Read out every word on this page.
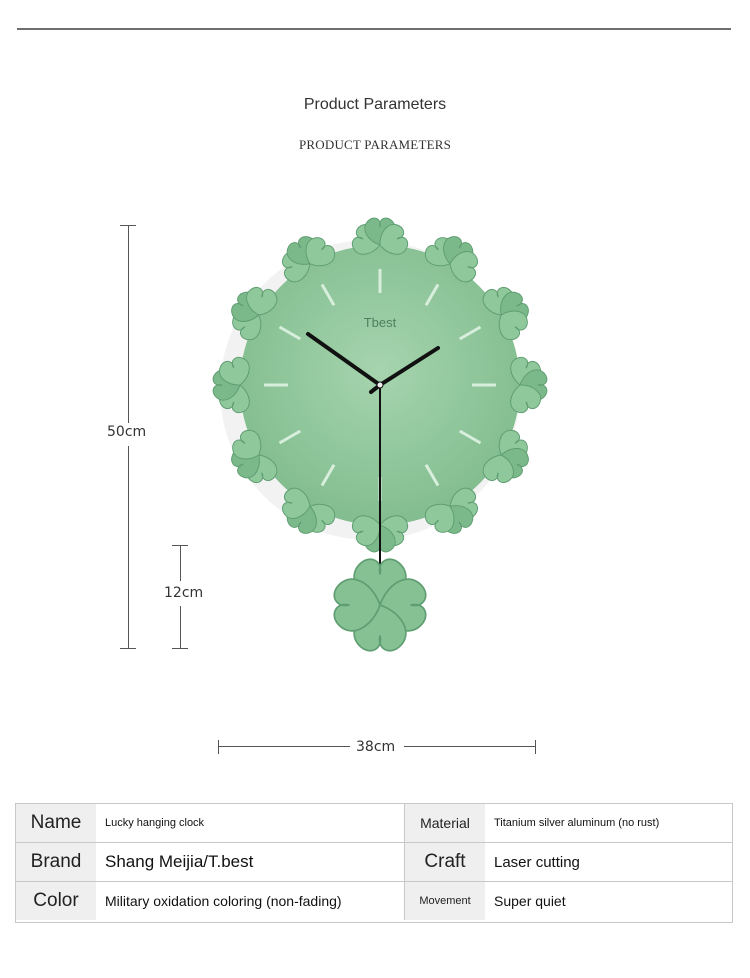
Product Parameters
PRODUCT PARAMETERS
50cm
12cm
38cm
Tbest
Name	Lucky hanging clock	Material	Titanium silver aluminum (no rust)
Brand	Shang Meijia/T.best	Craft	Laser cutting
Color	Military oxidation coloring (non-fading)	Movement	Super quiet
